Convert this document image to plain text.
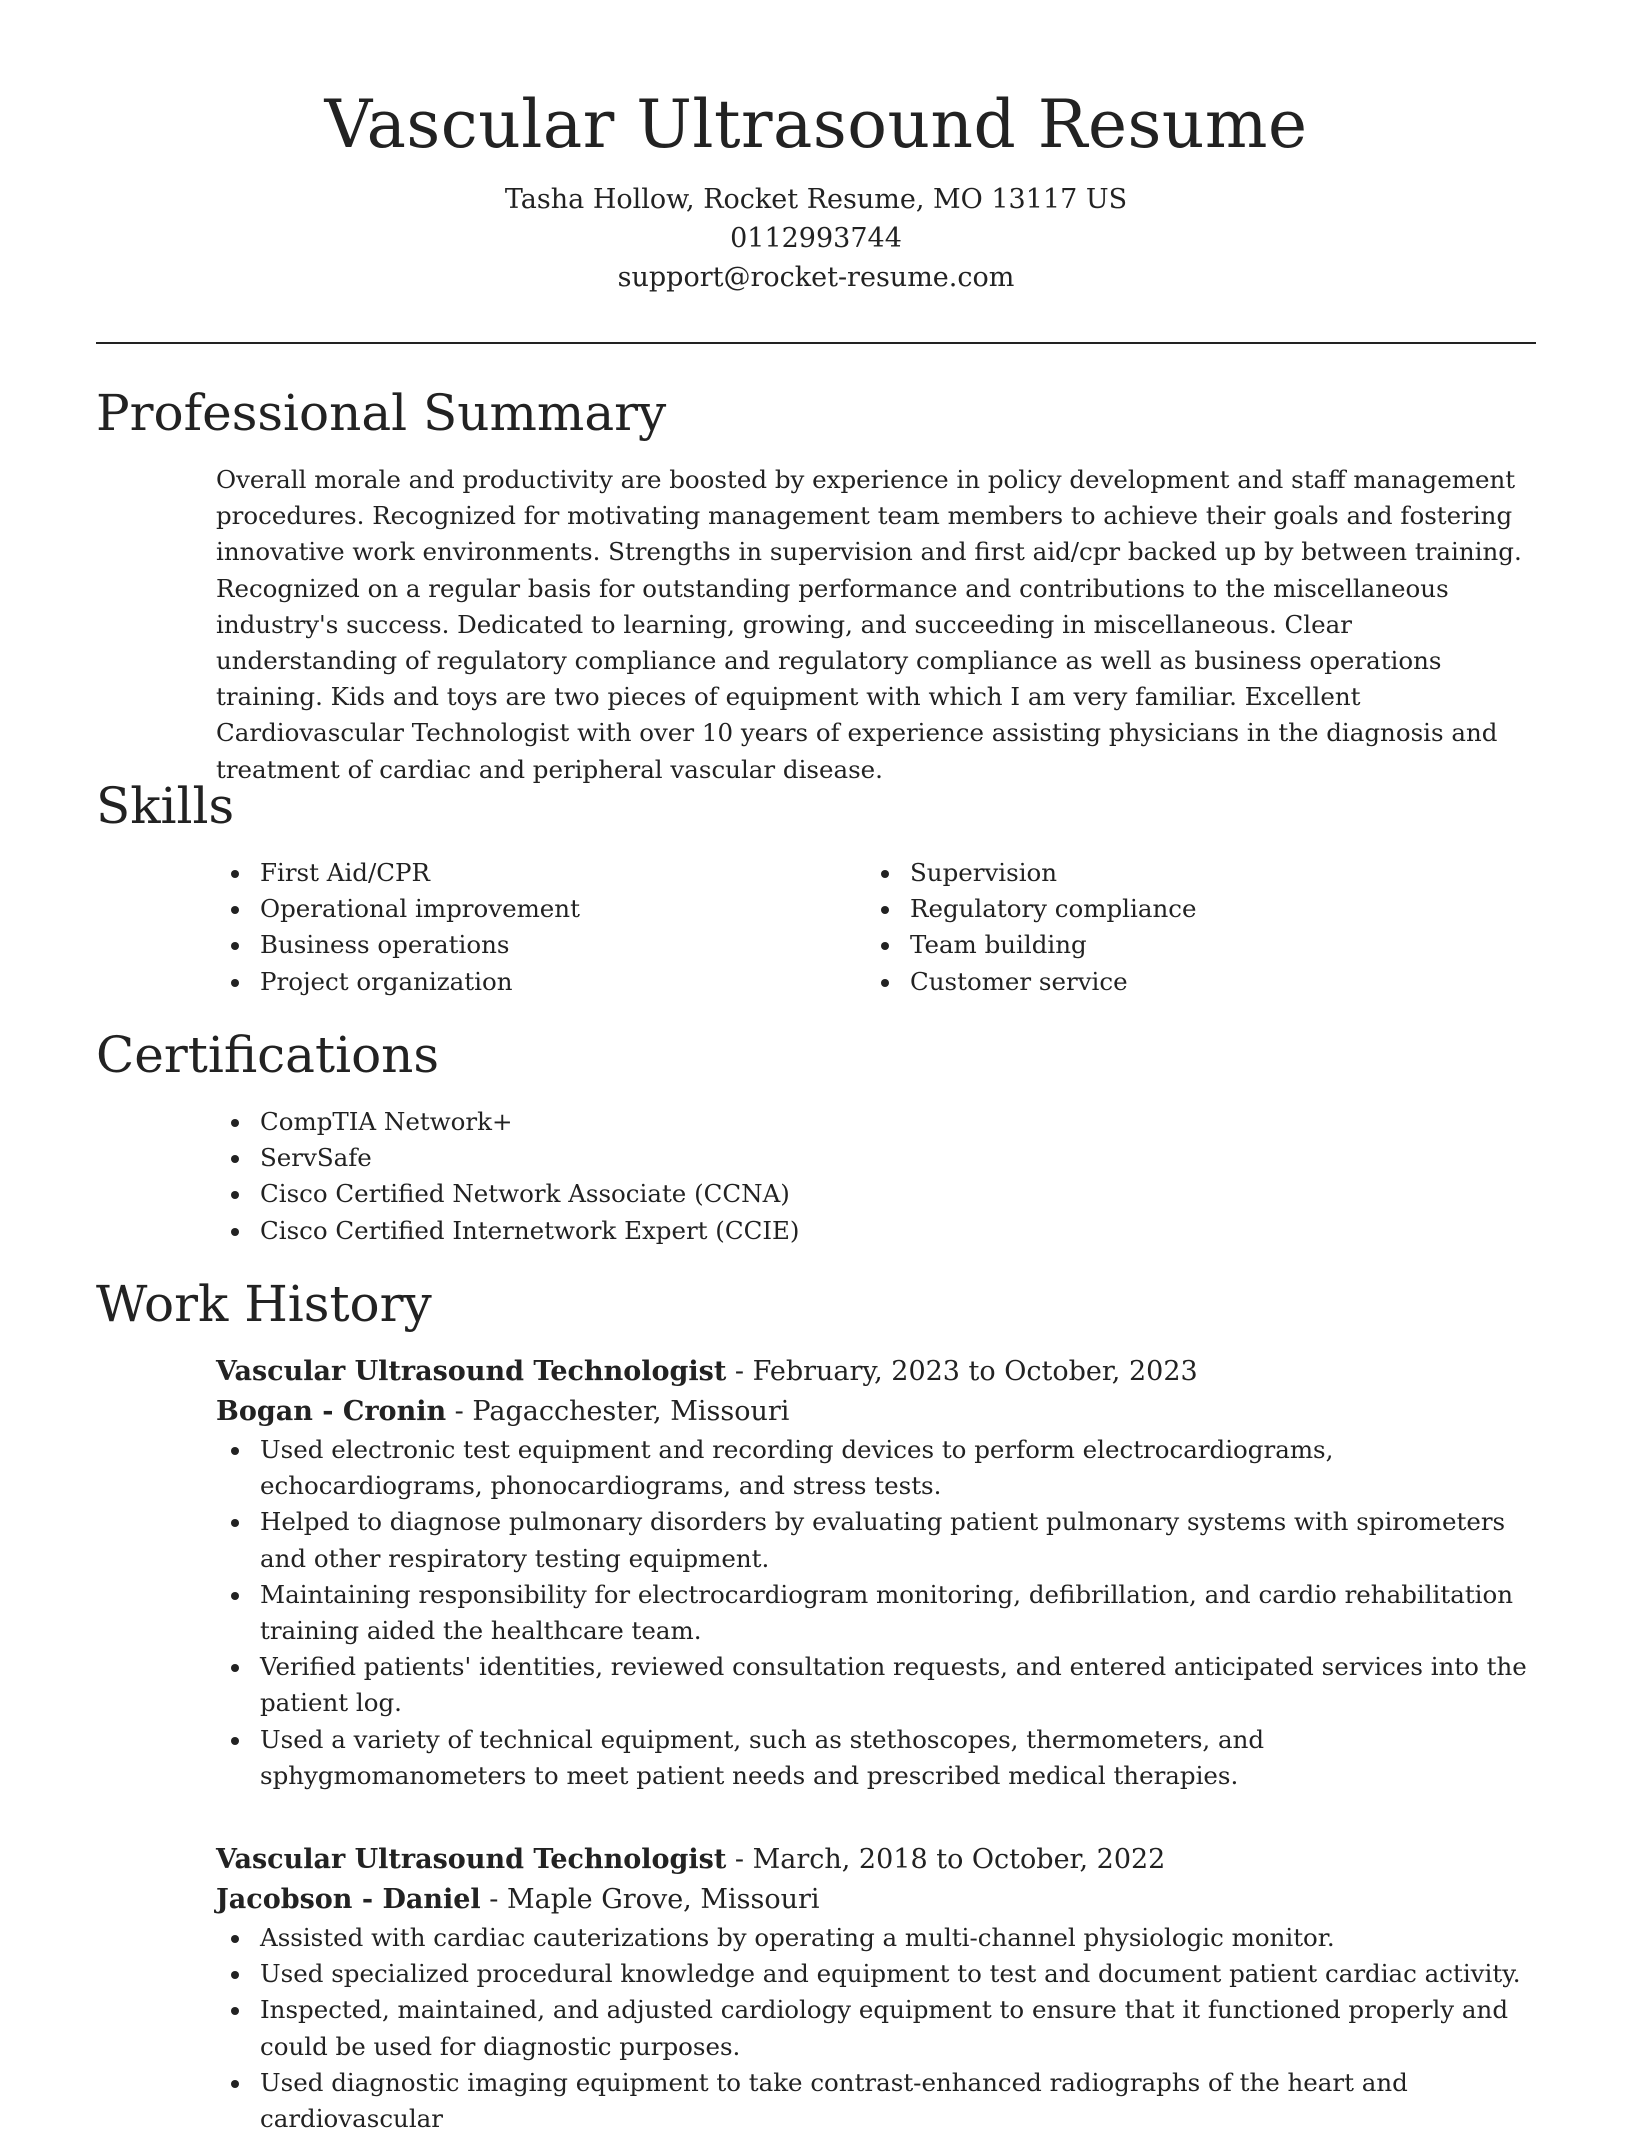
Vascular Ultrasound Resume
Tasha Hollow, Rocket Resume, MO 13117 US
0112993744
support@rocket-resume.com
Professional Summary

Overall morale and productivity are boosted by experience in policy development and staff management procedures. Recognized for motivating management team members to achieve their goals and fostering innovative work environments. Strengths in supervision and first aid/cpr backed up by between training. Recognized on a regular basis for outstanding performance and contributions to the miscellaneous industry's success. Dedicated to learning, growing, and succeeding in miscellaneous. Clear understanding of regulatory compliance and regulatory compliance as well as business operations training. Kids and toys are two pieces of equipment with which I am very familiar. Excellent Cardiovascular Technologist with over 10 years of experience assisting physicians in the diagnosis and treatment of cardiac and peripheral vascular disease.

Skills
First Aid/CPR
Operational improvement
Business operations
Project organization
Supervision
Regulatory compliance
Team building
Customer service
Certifications
CompTIA Network+
ServSafe
Cisco Certified Network Associate (CCNA)
Cisco Certified Internetwork Expert (CCIE)
Work History
Vascular Ultrasound Technologist - February, 2023 to October, 2023
Bogan - Cronin - Pagacchester, Missouri
Used electronic test equipment and recording devices to perform electrocardiograms, echocardiograms, phonocardiograms, and stress tests.
Helped to diagnose pulmonary disorders by evaluating patient pulmonary systems with spirometers and other respiratory testing equipment.
Maintaining responsibility for electrocardiogram monitoring, defibrillation, and cardio rehabilitation training aided the healthcare team.
Verified patients' identities, reviewed consultation requests, and entered anticipated services into the patient log.
Used a variety of technical equipment, such as stethoscopes, thermometers, and sphygmomanometers to meet patient needs and prescribed medical therapies.
Vascular Ultrasound Technologist - March, 2018 to October, 2022
Jacobson - Daniel - Maple Grove, Missouri
Assisted with cardiac cauterizations by operating a multi-channel physiologic monitor.
Used specialized procedural knowledge and equipment to test and document patient cardiac activity.
Inspected, maintained, and adjusted cardiology equipment to ensure that it functioned properly and could be used for diagnostic purposes.
Used diagnostic imaging equipment to take contrast-enhanced radiographs of the heart and cardiovascular
